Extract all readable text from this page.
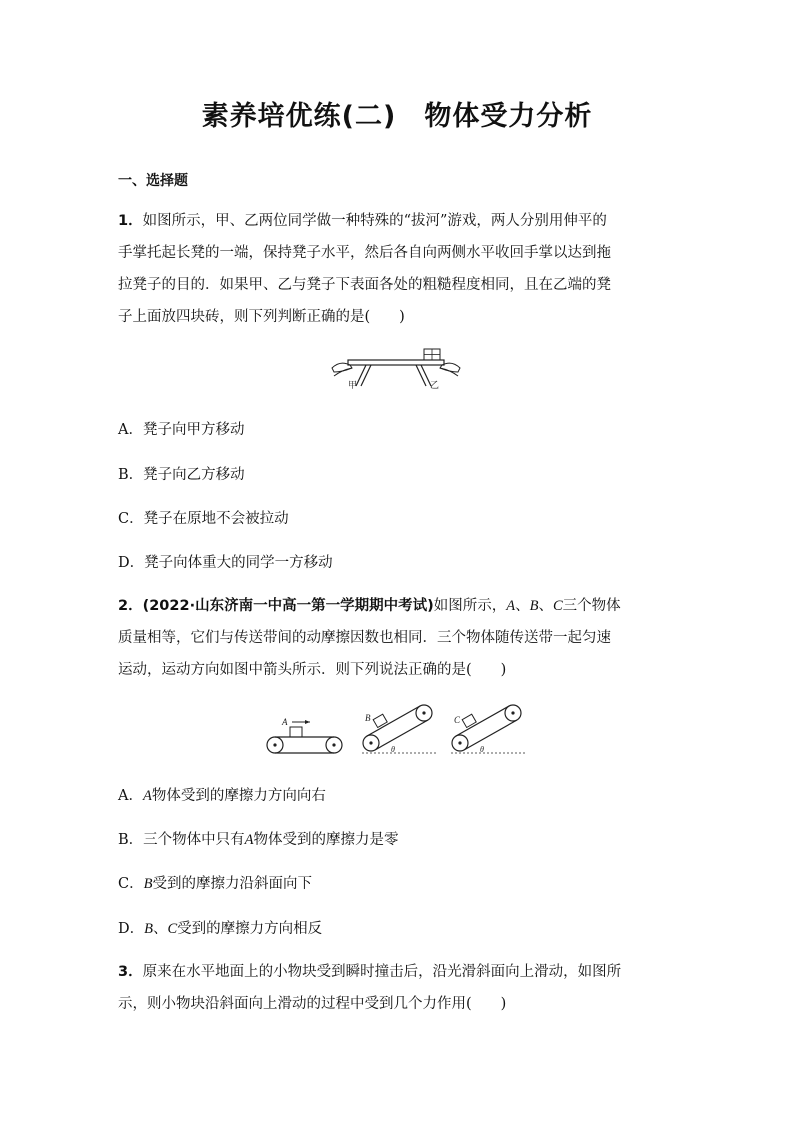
素养培优练(二) 物体受力分析
一、选择题
1．如图所示，甲、乙两位同学做一种特殊的“拔河”游戏，两人分别用伸平的
手掌托起长凳的一端，保持凳子水平，然后各自向两侧水平收回手掌以达到拖
拉凳子的目的．如果甲、乙与凳子下表面各处的粗糙程度相同，且在乙端的凳
子上面放四块砖，则下列判断正确的是(　　)
甲	乙
A．凳子向甲方移动
B．凳子向乙方移动
C．凳子在原地不会被拉动
D．凳子向体重大的同学一方移动
2．(2022·山东济南一中高一第一学期期中考试)如图所示，A、B、C三个物体
质量相等，它们与传送带间的动摩擦因数也相同．三个物体随传送带一起匀速
运动，运动方向如图中箭头所示．则下列说法正确的是(　　)
A	B
θ
C
θ
A．A物体受到的摩擦力方向向右
B．三个物体中只有A物体受到的摩擦力是零
C．B受到的摩擦力沿斜面向下
D．B、C受到的摩擦力方向相反
3．原来在水平地面上的小物块受到瞬时撞击后，沿光滑斜面向上滑动，如图所
示，则小物块沿斜面向上滑动的过程中受到几个力作用(　　)
